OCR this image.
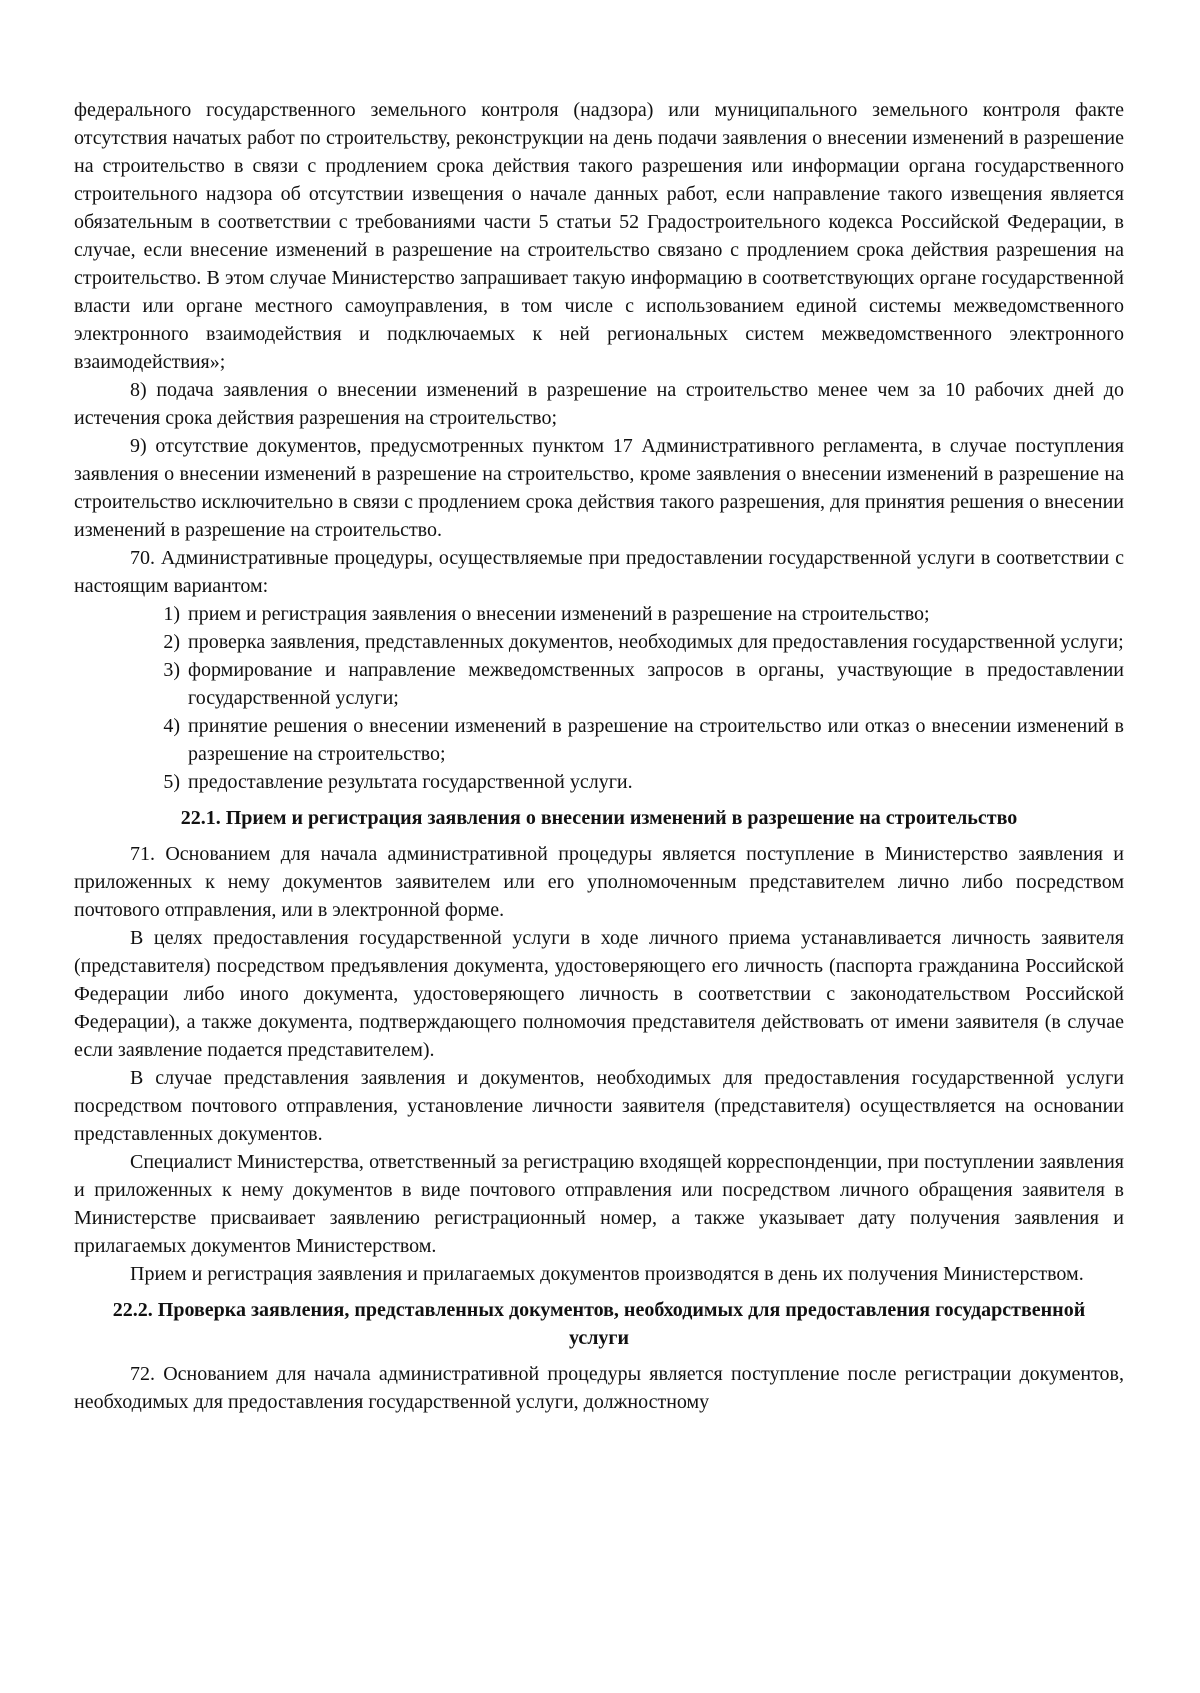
федерального государственного земельного контроля (надзора) или муниципального земельного контроля факте отсутствия начатых работ по строительству, реконструкции на день подачи заявления о внесении изменений в разрешение на строительство в связи с продлением срока действия такого разрешения или информации органа государственного строительного надзора об отсутствии извещения о начале данных работ, если направление такого извещения является обязательным в соответствии с требованиями части 5 статьи 52 Градостроительного кодекса Российской Федерации, в случае, если внесение изменений в разрешение на строительство связано с продлением срока действия разрешения на строительство. В этом случае Министерство запрашивает такую информацию в соответствующих органе государственной власти или органе местного самоуправления, в том числе с использованием единой системы межведомственного электронного взаимодействия и подключаемых к ней региональных систем межведомственного электронного взаимодействия»;

8) подача заявления о внесении изменений в разрешение на строительство менее чем за 10 рабочих дней до истечения срока действия разрешения на строительство;

9) отсутствие документов, предусмотренных пунктом 17 Административного регламента, в случае поступления заявления о внесении изменений в разрешение на строительство, кроме заявления о внесении изменений в разрешение на строительство исключительно в связи с продлением срока действия такого разрешения, для принятия решения о внесении изменений в разрешение на строительство.

70. Административные процедуры, осуществляемые при предоставлении государственной услуги в соответствии с настоящим вариантом:

1) прием и регистрация заявления о внесении изменений в разрешение на строительство;
2) проверка заявления, представленных документов, необходимых для предоставления государственной услуги;
3) формирование и направление межведомственных запросов в органы, участвующие в предоставлении государственной услуги;
4) принятие решения о внесении изменений в разрешение на строительство или отказ о внесении изменений в разрешение на строительство;
5) предоставление результата государственной услуги.

22.1. Прием и регистрация заявления о внесении изменений в разрешение на строительство

71. Основанием для начала административной процедуры является поступление в Министерство заявления и приложенных к нему документов заявителем или его уполномоченным представителем лично либо посредством почтового отправления, или в электронной форме.

В целях предоставления государственной услуги в ходе личного приема устанавливается личность заявителя (представителя) посредством предъявления документа, удостоверяющего его личность (паспорта гражданина Российской Федерации либо иного документа, удостоверяющего личность в соответствии с законодательством Российской Федерации), а также документа, подтверждающего полномочия представителя действовать от имени заявителя (в случае если заявление подается представителем).

В случае представления заявления и документов, необходимых для предоставления государственной услуги посредством почтового отправления, установление личности заявителя (представителя) осуществляется на основании представленных документов.

Специалист Министерства, ответственный за регистрацию входящей корреспонденции, при поступлении заявления и приложенных к нему документов в виде почтового отправления или посредством личного обращения заявителя в Министерстве присваивает заявлению регистрационный номер, а также указывает дату получения заявления и прилагаемых документов Министерством.

Прием и регистрация заявления и прилагаемых документов производятся в день их получения Министерством.

22.2. Проверка заявления, представленных документов, необходимых для предоставления государственной услуги

72. Основанием для начала административной процедуры является поступление после регистрации документов, необходимых для предоставления государственной услуги, должностному
